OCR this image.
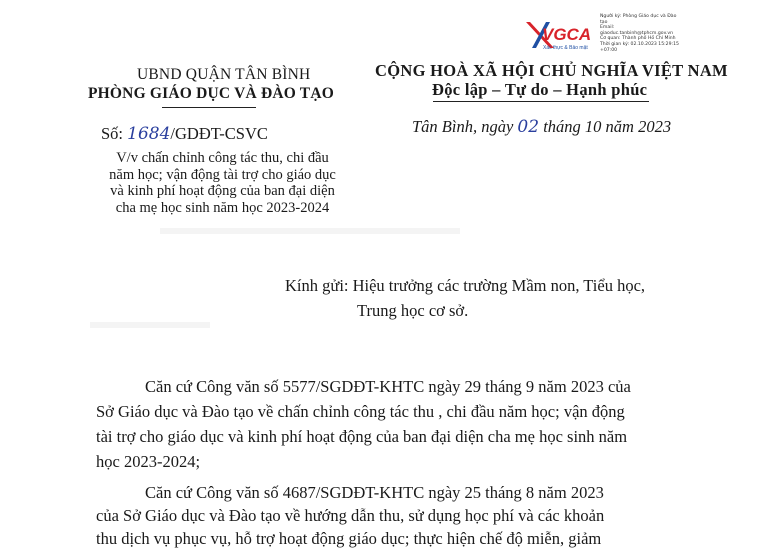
VGCA
Xác thực & Bảo mật
Người ký: Phòng Giáo dục và Đào
tạo
Email:
giaoduc.tanbinh@tphcm.gov.vn
Cơ quan: Thành phố Hồ Chí Minh
Thời gian ký: 02.10.2023 15:29:15
+07:00
UBND QUẬN TÂN BÌNH
PHÒNG GIÁO DỤC VÀ ĐÀO TẠO
Số: 1684/GDĐT-CSVC
V/v chấn chỉnh công tác thu, chi đầu
năm học; vận động tài trợ cho giáo dục
và kinh phí hoạt động của ban đại diện
cha mẹ học sinh năm học 2023-2024
CỘNG HOÀ XÃ HỘI CHỦ NGHĨA VIỆT NAM
Độc lập – Tự do – Hạnh phúc
Tân Bình, ngày 02 tháng 10 năm 2023
Kính gửi: Hiệu trưởng các trường Mầm non, Tiểu học,
Trung học cơ sở.
Căn cứ Công văn số 5577/SGDĐT-KHTC ngày 29 tháng 9 năm 2023 của
Sở Giáo dục và Đào tạo về chấn chỉnh công tác thu , chi đầu năm học; vận động
tài trợ cho giáo dục và kinh phí hoạt động của ban đại diện cha mẹ học sinh năm
học 2023-2024;
Căn cứ Công văn số 4687/SGDĐT-KHTC ngày 25 tháng 8 năm 2023
của Sở Giáo dục và Đào tạo về hướng dẫn thu, sử dụng học phí và các khoản
thu dịch vụ phục vụ, hỗ trợ hoạt động giáo dục; thực hiện chế độ miễn, giảm
